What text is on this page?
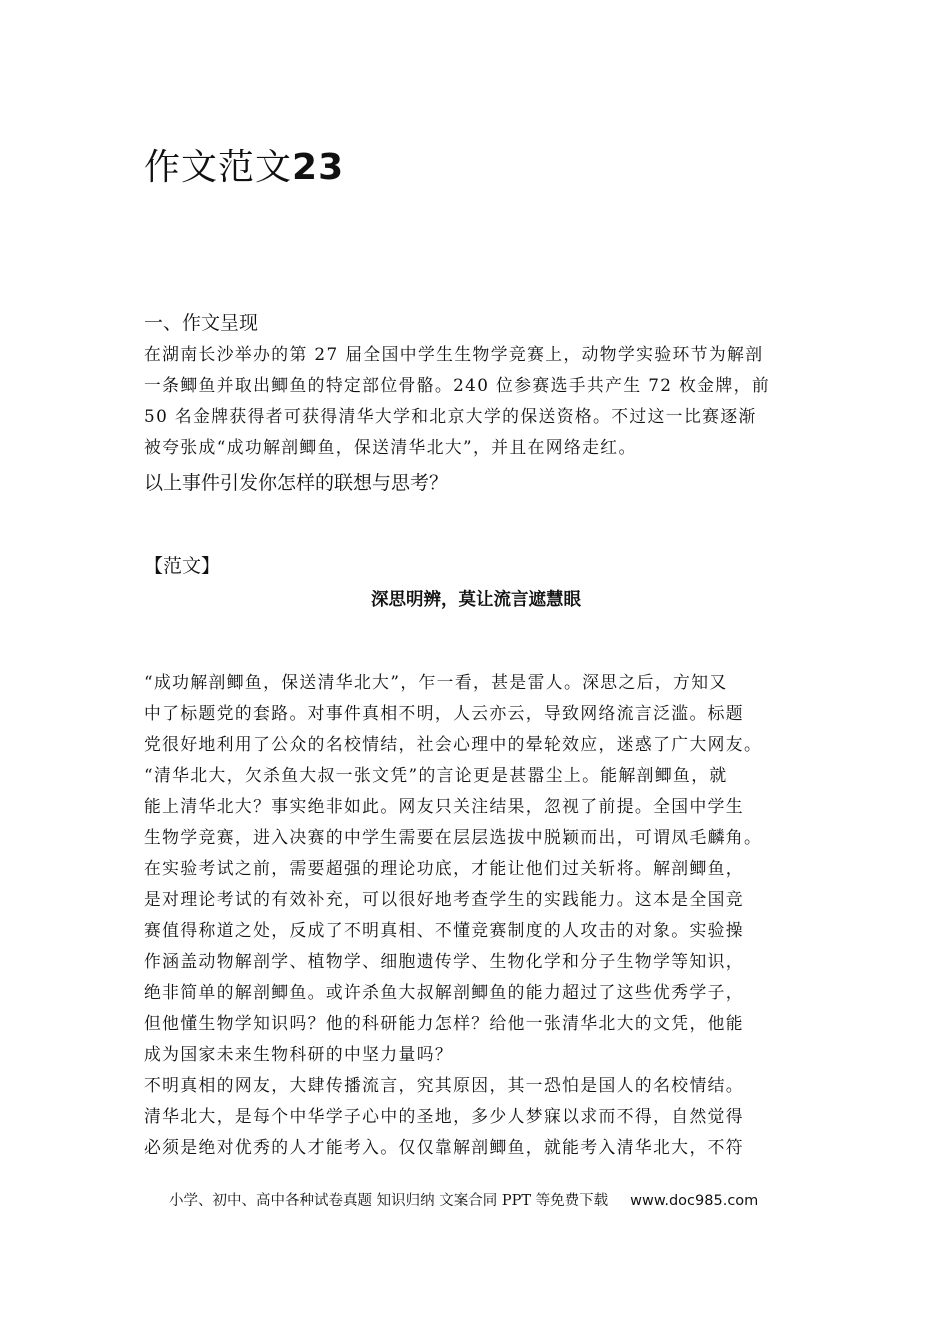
作文范文23
一、作文呈现
在湖南长沙举办的第 27 届全国中学生生物学竞赛上，动物学实验环节为解剖
一条鲫鱼并取出鲫鱼的特定部位骨骼。240 位参赛选手共产生 72 枚金牌，前
50 名金牌获得者可获得清华大学和北京大学的保送资格。不过这一比赛逐渐
被夸张成“成功解剖鲫鱼，保送清华北大”，并且在网络走红。

以上事件引发你怎样的联想与思考？

【范文】

深思明辨，莫让流言遮慧眼
“成功解剖鲫鱼，保送清华北大”，乍一看，甚是雷人。深思之后，方知又
中了标题党的套路。对事件真相不明，人云亦云，导致网络流言泛滥。标题
党很好地利用了公众的名校情结，社会心理中的晕轮效应，迷惑了广大网友。
“清华北大，欠杀鱼大叔一张文凭”的言论更是甚嚣尘上。能解剖鲫鱼，就
能上清华北大？事实绝非如此。网友只关注结果，忽视了前提。全国中学生
生物学竞赛，进入决赛的中学生需要在层层选拔中脱颖而出，可谓凤毛麟角。
在实验考试之前，需要超强的理论功底，才能让他们过关斩将。解剖鲫鱼，
是对理论考试的有效补充，可以很好地考查学生的实践能力。这本是全国竞
赛值得称道之处，反成了不明真相、不懂竞赛制度的人攻击的对象。实验操
作涵盖动物解剖学、植物学、细胞遗传学、生物化学和分子生物学等知识，
绝非简单的解剖鲫鱼。或许杀鱼大叔解剖鲫鱼的能力超过了这些优秀学子，
但他懂生物学知识吗？他的科研能力怎样？给他一张清华北大的文凭，他能
成为国家未来生物科研的中坚力量吗？
不明真相的网友，大肆传播流言，究其原因，其一恐怕是国人的名校情结。
清华北大，是每个中华学子心中的圣地，多少人梦寐以求而不得，自然觉得
必须是绝对优秀的人才能考入。仅仅靠解剖鲫鱼，就能考入清华北大，不符
小学、初中、高中各种试卷真题 知识归纳 文案合同 PPT 等免费下载 www.doc985.com
